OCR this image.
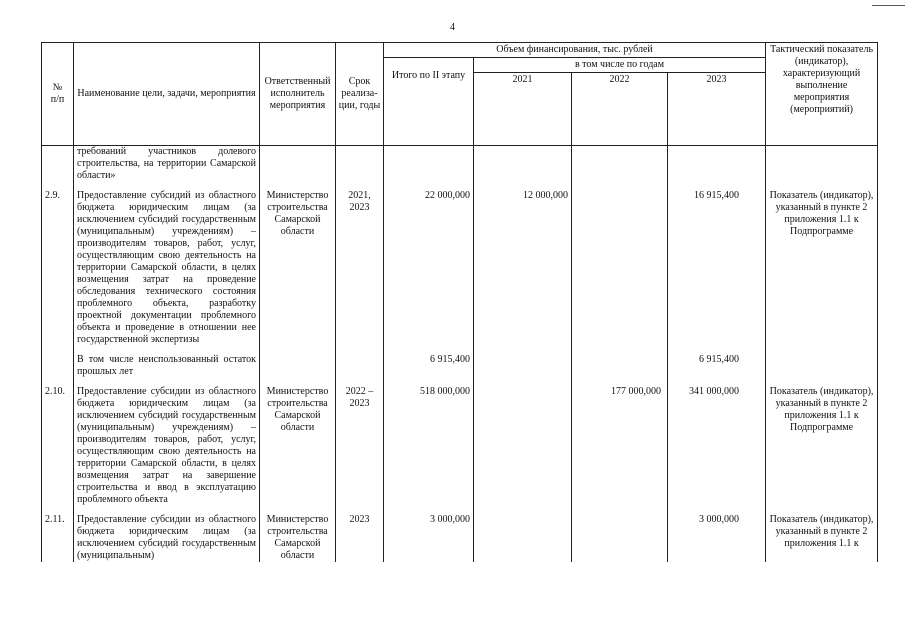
4
№
п/п	Наименование цели, задачи, мероприятия	Ответственный исполнитель мероприятия	Срок реализа-ции, годы	Объем финансирования, тыс. рублей				Тактический показатель (индикатор), характеризующий выполнение мероприятия (мероприятий)
				Итого по II этапу	в том числе по годам			
					2021	2022	2023	
	требований участников долевого строительства, на территории Самарской области»							

2.9.	Предоставление субсидий из областного бюджета юридическим лицам (за исключением субсидий государственным (муниципальным) учреждениям) – производителям товаров, работ, услуг, осуществляющим свою деятельность на территории Самарской области, в целях возмещения затрат на проведение обследования технического состояния проблемного объекта, разработку проектной документации проблемного объекта и проведение в отношении нее государственной экспертизы	Министерство строительства Самарской области	2021, 2023	22 000,000	12 000,000		16 915,400	Показатель (индикатор), указанный в пункте 2 приложения 1.1 к Подпрограмме

	В том числе неиспользованный остаток прошлых лет			6 915,400			6 915,400	

2.10.	Предоставление субсидии из областного бюджета юридическим лицам (за исключением субсидий государственным (муниципальным) учреждениям) – производителям товаров, работ, услуг, осуществляющим свою деятельность на территории Самарской области, в целях возмещения затрат на завершение строительства и ввод в эксплуатацию проблемного объекта	Министерство строительства Самарской области	2022 – 2023	518 000,000		177 000,000	341 000,000	Показатель (индикатор), указанный в пункте 2 приложения 1.1 к Подпрограмме

2.11.	Предоставление субсидии из областного бюджета юридическим лицам (за исключением субсидий государственным (муниципальным)	Министерство строительства Самарской области	2023	3 000,000			3 000,000	Показатель (индикатор), указанный в пункте 2 приложения 1.1 к
